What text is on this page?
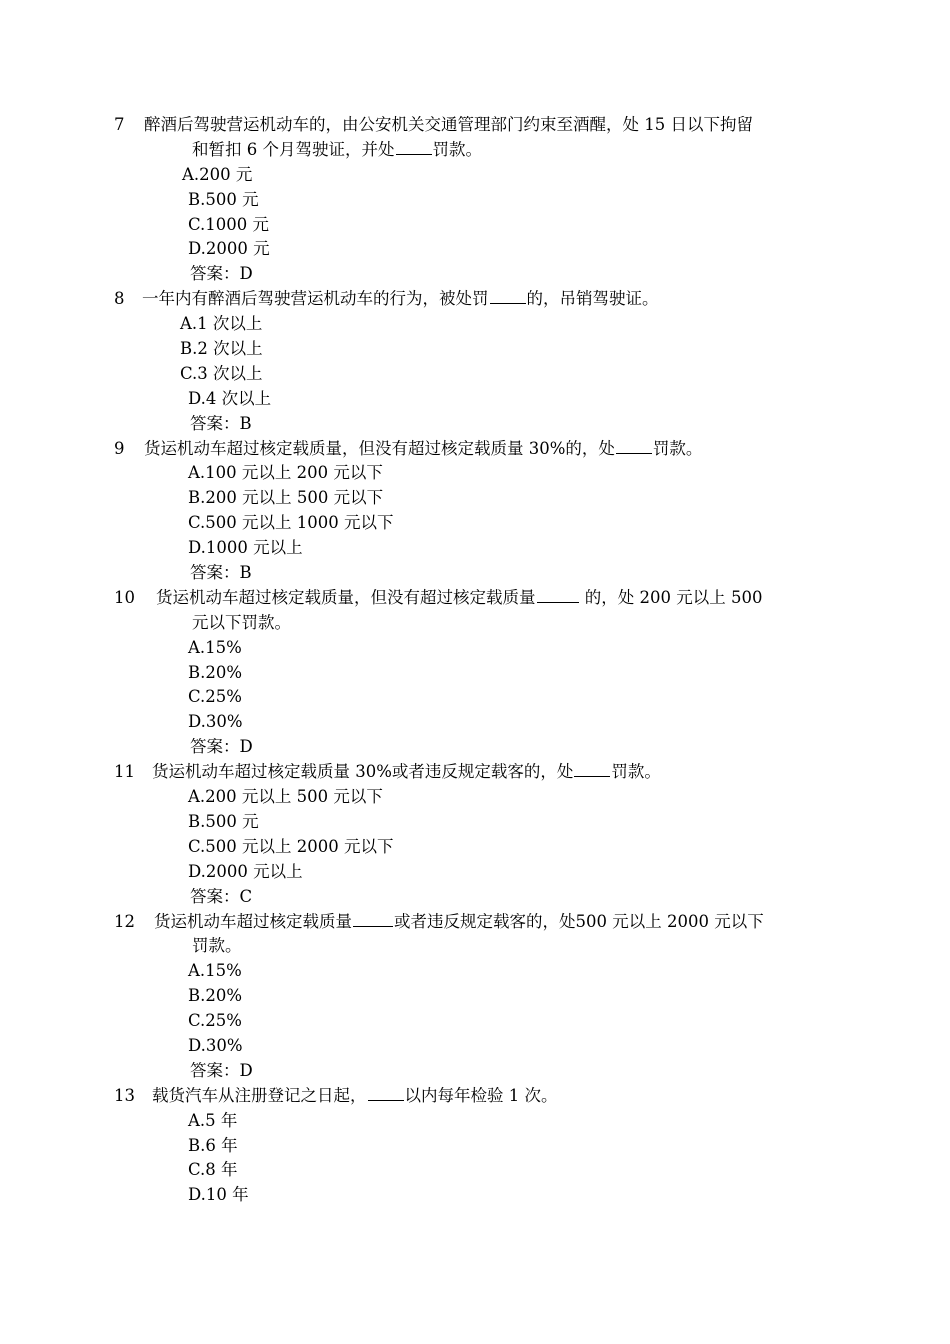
7 醉酒后驾驶营运机动车的，由公安机关交通管理部门约束至酒醒，处 15 日以下拘留
和暂扣 6 个月驾驶证，并处 罚款。
A.200 元
B.500 元
C.1000 元
D.2000 元
答案：D
8 一年内有醉酒后驾驶营运机动车的行为，被处罚 的，吊销驾驶证。
A.1 次以上
B.2 次以上
C.3 次以上
D.4 次以上
答案：B
9 货运机动车超过核定载质量，但没有超过核定载质量 30%的，处 罚款。
A.100 元以上 200 元以下
B.200 元以上 500 元以下
C.500 元以上 1000 元以下
D.1000 元以上
答案：B
10 货运机动车超过核定载质量，但没有超过核定载质量	的，处 200 元以上 500
元以下罚款。
A.15%
B.20%
C.25%
D.30%
答案：D
11 货运机动车超过核定载质量 30%或者违反规定载客的，处 罚款。
A.200 元以上 500 元以下
B.500 元
C.500 元以上 2000 元以下
D.2000 元以上
答案：C
12 货运机动车超过核定载质量	或者违反规定载客的，处500 元以上 2000 元以下
罚款。
A.15%
B.20%
C.25%
D.30%
答案：D
13 载货汽车从注册登记之日起， 以内每年检验 1 次。
A.5 年
B.6 年
C.8 年
D.10 年
